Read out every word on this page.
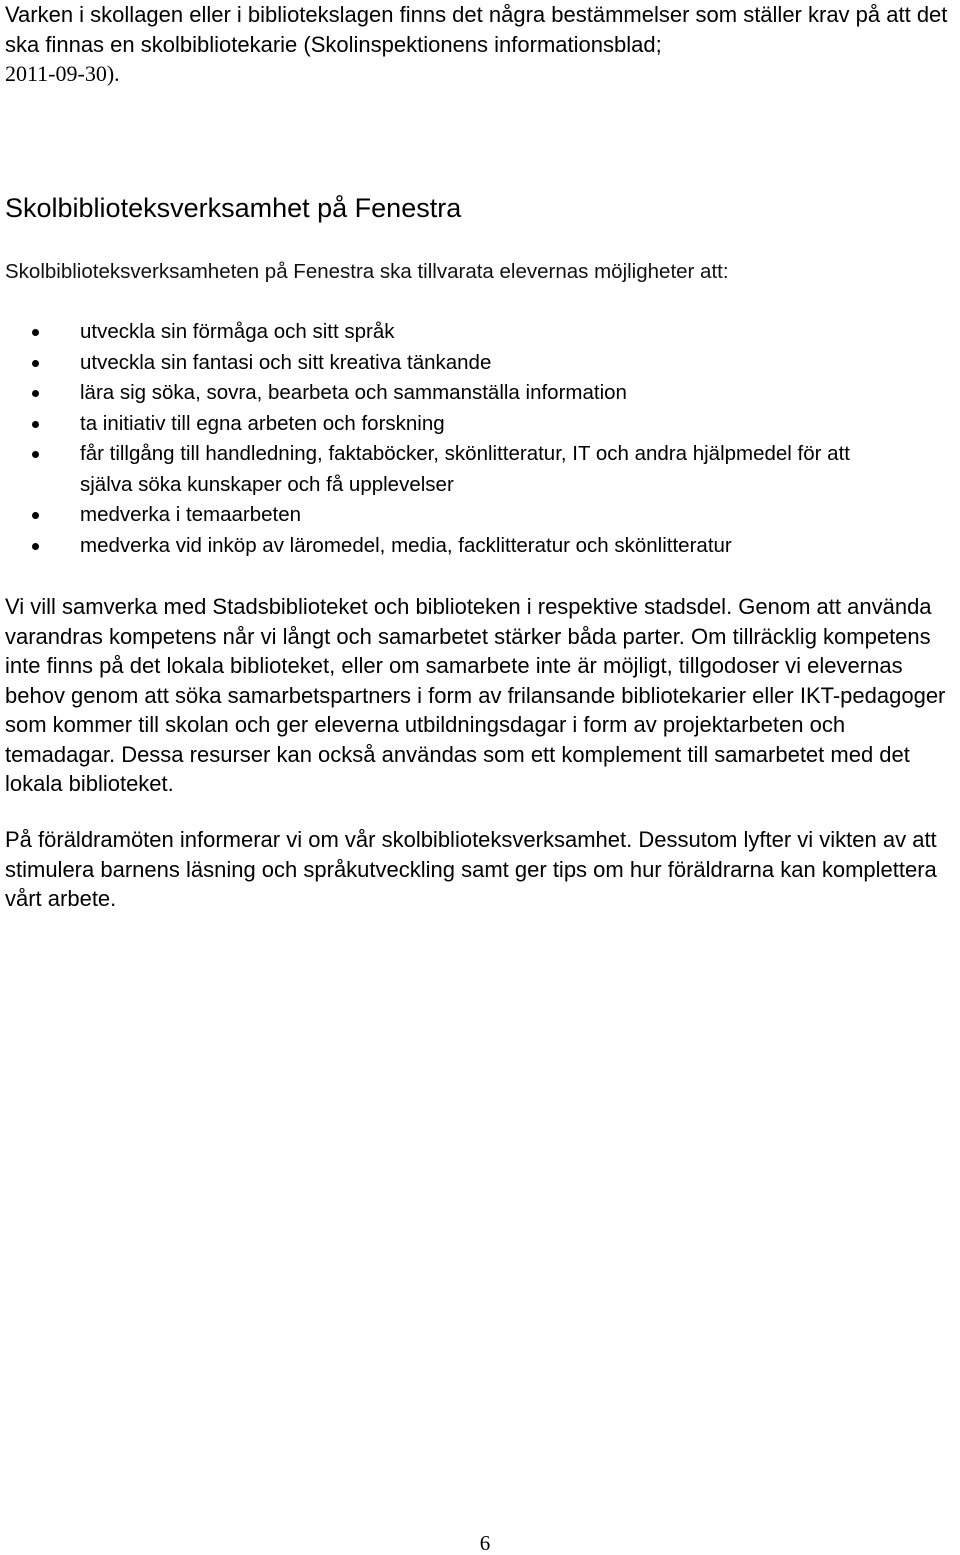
Varken i skollagen eller i bibliotekslagen finns det några bestämmelser som ställer krav på att det ska finnas en skolbibliotekarie (Skolinspektionens informationsblad;
2011-09-30).

Skolbiblioteksverksamhet på Fenestra

Skolbiblioteksverksamheten på Fenestra ska tillvarata elevernas möjligheter att:

utveckla sin förmåga och sitt språk
utveckla sin fantasi och sitt kreativa tänkande
lära sig söka, sovra, bearbeta och sammanställa information
ta initiativ till egna arbeten och forskning
får tillgång till handledning, faktaböcker, skönlitteratur, IT och andra hjälpmedel för att själva söka kunskaper och få upplevelser
medverka i temaarbeten
medverka vid inköp av läromedel, media, facklitteratur och skönlitteratur

Vi vill samverka med Stadsbiblioteket och biblioteken i respektive stadsdel. Genom att använda varandras kompetens når vi långt och samarbetet stärker båda parter. Om tillräcklig kompetens inte finns på det lokala biblioteket, eller om samarbete inte är möjligt, tillgodoser vi elevernas behov genom att söka samarbetspartners i form av frilansande bibliotekarier eller IKT-pedagoger som kommer till skolan och ger eleverna utbildningsdagar i form av projektarbeten och temadagar. Dessa resurser kan också användas som ett komplement till samarbetet med det lokala biblioteket.

På föräldramöten informerar vi om vår skolbiblioteksverksamhet. Dessutom lyfter vi vikten av att stimulera barnens läsning och språkutveckling samt ger tips om hur föräldrarna kan komplettera vårt arbete.

6
